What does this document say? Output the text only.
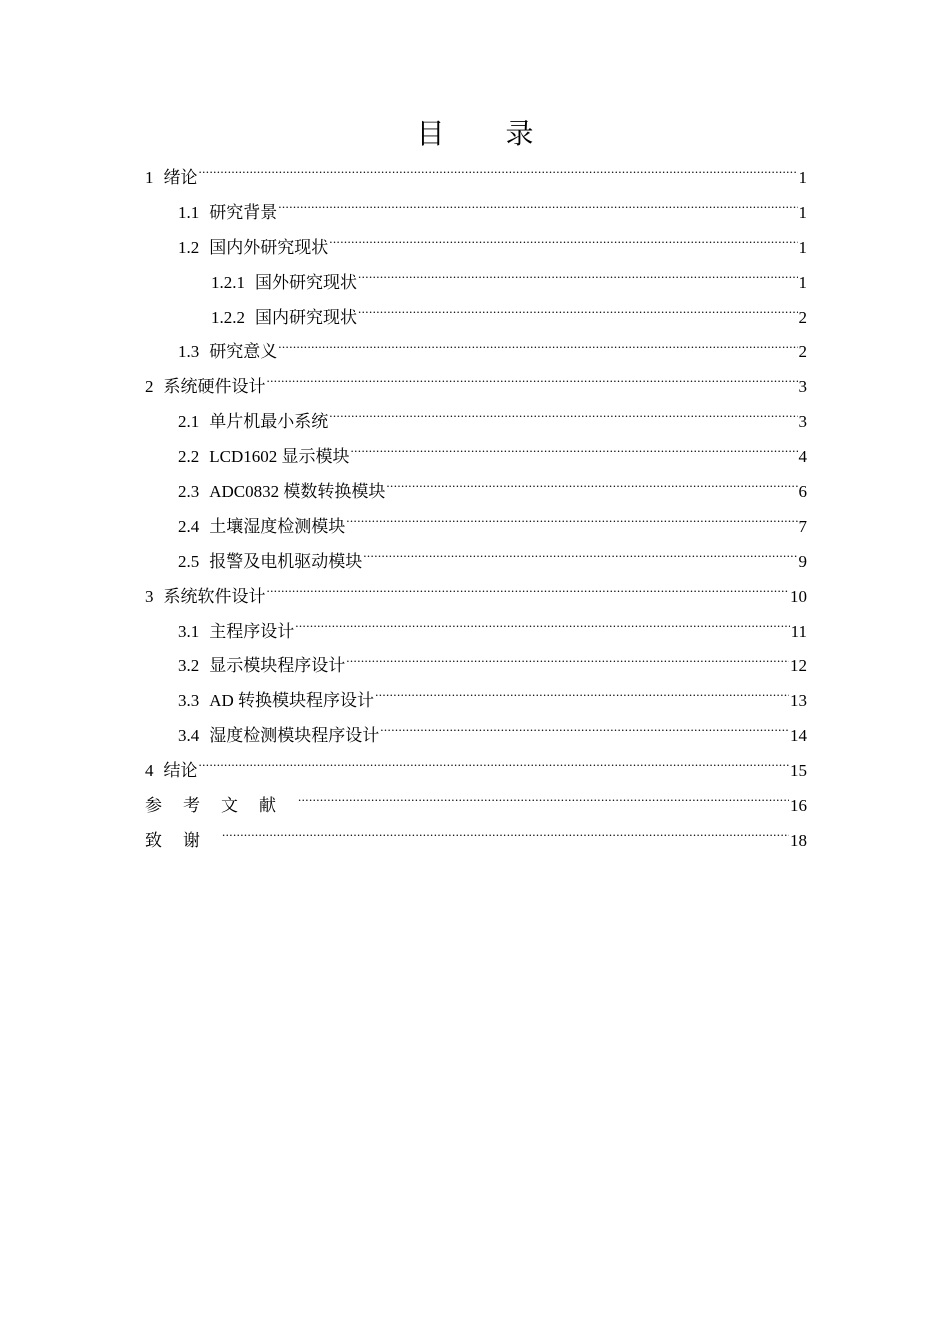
目 录
1 绪论 .....	1
1.1 研究背景 .....	1
1.2 国内外研究现状 .....	1
1.2.1 国外研究现状 .....	1
1.2.2 国内研究现状 .....	2
1.3 研究意义 .....	2
2 系统硬件设计 .....	3
2.1 单片机最小系统 .....	3
2.2 LCD1602 显示模块 .....	4
2.3 ADC0832 模数转换模块 .....	6
2.4 土壤湿度检测模块 .....	7
2.5 报警及电机驱动模块 .....	9
3 系统软件设计 .....	10
3.1 主程序设计 .....	11
3.2 显示模块程序设计 .....	12
3.3 AD 转换模块程序设计 .....	13
3.4 湿度检测模块程序设计 .....	14
4 结论 .....	15
参考文献 .....	16
致谢 .....	18
